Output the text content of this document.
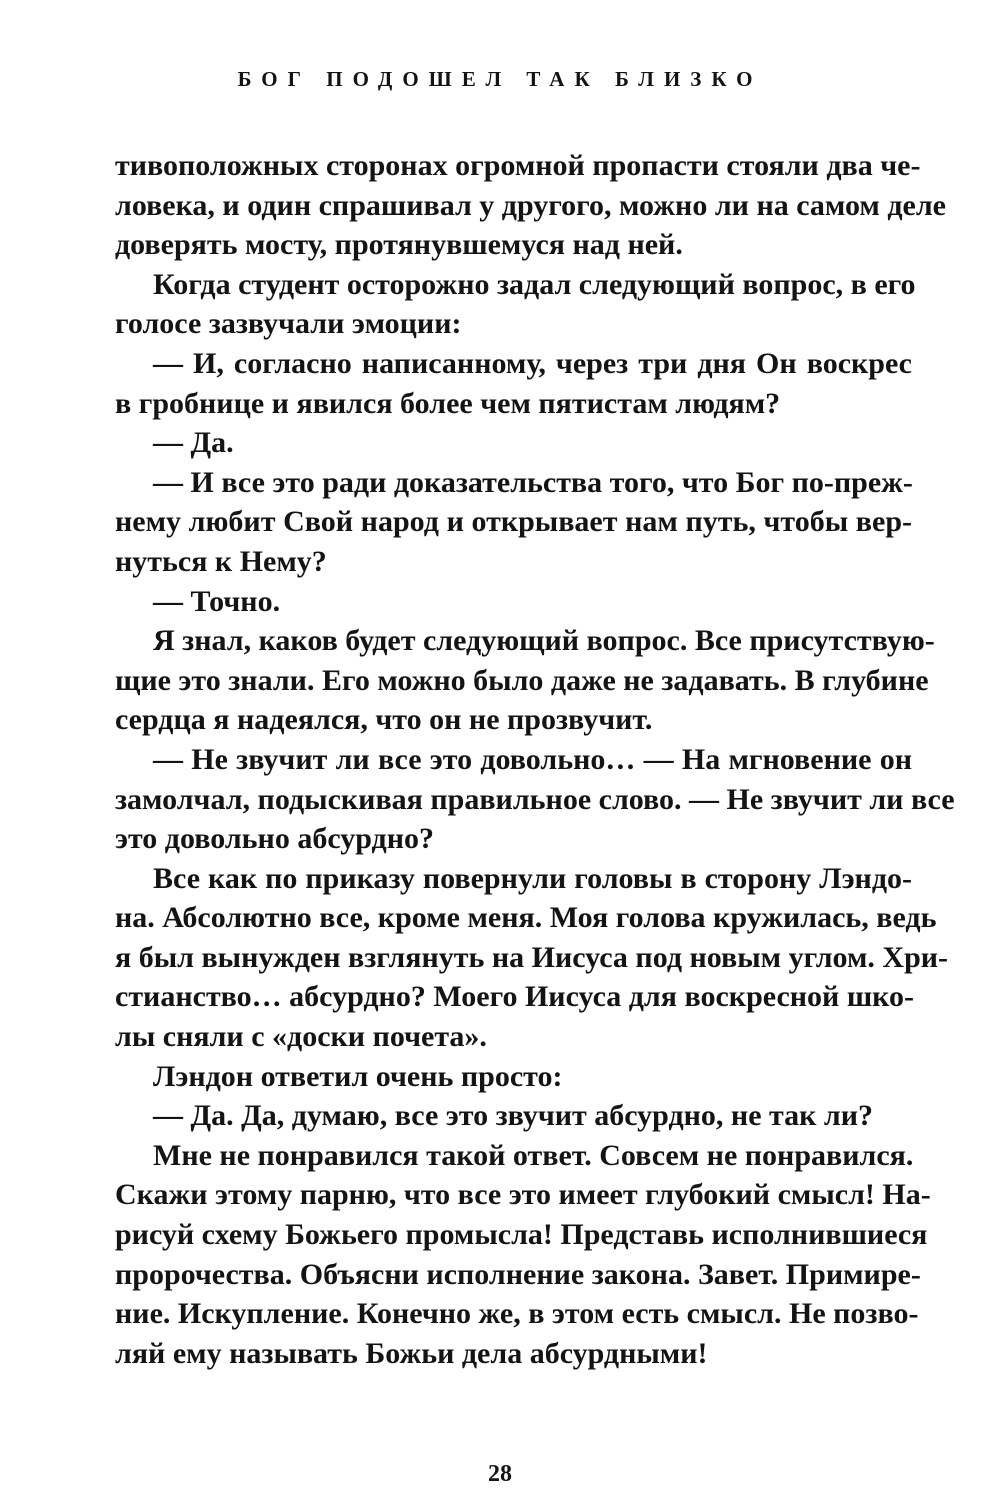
БОГ ПОДОШЕЛ ТАК БЛИЗКО
тивоположных сторонах огромной пропасти стояли два че-
ловека, и один спрашивал у другого, можно ли на самом деле
доверять мосту, протянувшемуся над ней.
Когда студент осторожно задал следующий вопрос, в его
голосе зазвучали эмоции:
— И, согласно написанному, через три дня Он воскрес
в гробнице и явился более чем пятистам людям?
— Да.
— И все это ради доказательства того, что Бог по-преж-
нему любит Свой народ и открывает нам путь, чтобы вер-
нуться к Нему?
— Точно.
Я знал, каков будет следующий вопрос. Все присутствую-
щие это знали. Его можно было даже не задавать. В глубине
сердца я надеялся, что он не прозвучит.
— Не звучит ли все это довольно… — На мгновение он
замолчал, подыскивая правильное слово. — Не звучит ли все
это довольно абсурдно?
Все как по приказу повернули головы в сторону Лэндо-
на. Абсолютно все, кроме меня. Моя голова кружилась, ведь
я был вынужден взглянуть на Иисуса под новым углом. Хри-
стианство… абсурдно? Моего Иисуса для воскресной шко-
лы сняли с «доски почета».
Лэндон ответил очень просто:
— Да. Да, думаю, все это звучит абсурдно, не так ли?
Мне не понравился такой ответ. Совсем не понравился.
Скажи этому парню, что все это имеет глубокий смысл! На-
рисуй схему Божьего промысла! Представь исполнившиеся
пророчества. Объясни исполнение закона. Завет. Примире-
ние. Искупление. Конечно же, в этом есть смысл. Не позво-
ляй ему называть Божьи дела абсурдными!
28
